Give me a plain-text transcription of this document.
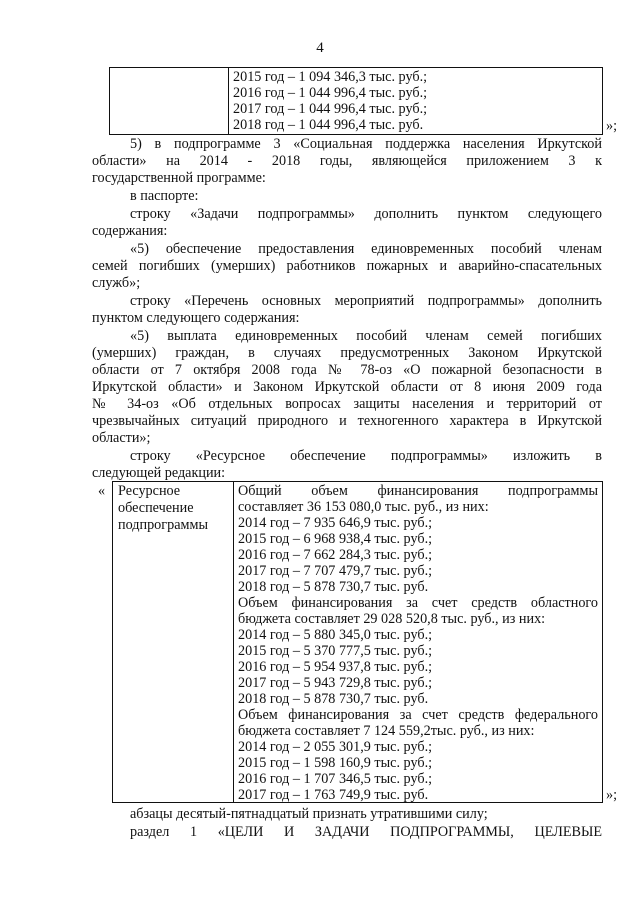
4
2015 год – 1 094 346,3 тыс. руб.;
2016 год – 1 044 996,4 тыс. руб.;
2017 год – 1 044 996,4 тыс. руб.;
2018 год – 1 044 996,4 тыс. руб.	»;
5) в подпрограмме 3 «Социальная поддержка населения Иркутской
области» на 2014 - 2018 годы, являющейся приложением 3 к
государственной программе:
в паспорте:
строку «Задачи подпрограммы» дополнить пунктом следующего
содержания:
«5) обеспечение предоставления единовременных пособий членам
семей погибших (умерших) работников пожарных и аварийно-спасательных
служб»;
строку «Перечень основных мероприятий подпрограммы» дополнить
пунктом следующего содержания:
«5) выплата единовременных пособий членам семей погибших
(умерших) граждан, в случаях предусмотренных Законом Иркутской
области от 7 октября 2008 года № 78-оз «О пожарной безопасности в
Иркутской области» и Законом Иркутской области от 8 июня 2009 года
№ 34-оз «Об отдельных вопросах защиты населения и территорий от
чрезвычайных ситуаций природного и техногенного характера в Иркутской
области»;
строку «Ресурсное обеспечение подпрограммы» изложить в
следующей редакции:
« Ресурсное
обеспечение
подпрограммы
Общий объем финансирования подпрограммы
составляет 36 153 080,0 тыс. руб., из них:
2014 год – 7 935 646,9 тыс. руб.;
2015 год – 6 968 938,4 тыс. руб.;
2016 год – 7 662 284,3 тыс. руб.;
2017 год – 7 707 479,7 тыс. руб.;
2018 год – 5 878 730,7 тыс. руб.
Объем финансирования за счет средств областного
бюджета составляет 29 028 520,8 тыс. руб., из них:
2014 год – 5 880 345,0 тыс. руб.;
2015 год – 5 370 777,5 тыс. руб.;
2016 год – 5 954 937,8 тыс. руб.;
2017 год – 5 943 729,8 тыс. руб.;
2018 год – 5 878 730,7 тыс. руб.
Объем финансирования за счет средств федерального
бюджета составляет 7 124 559,2тыс. руб., из них:
2014 год – 2 055 301,9 тыс. руб.;
2015 год – 1 598 160,9 тыс. руб.;
2016 год – 1 707 346,5 тыс. руб.;
2017 год – 1 763 749,9 тыс. руб.	»;
абзацы десятый-пятнадцатый признать утратившими силу;
раздел 1 «ЦЕЛИ И ЗАДАЧИ ПОДПРОГРАММЫ, ЦЕЛЕВЫЕ
